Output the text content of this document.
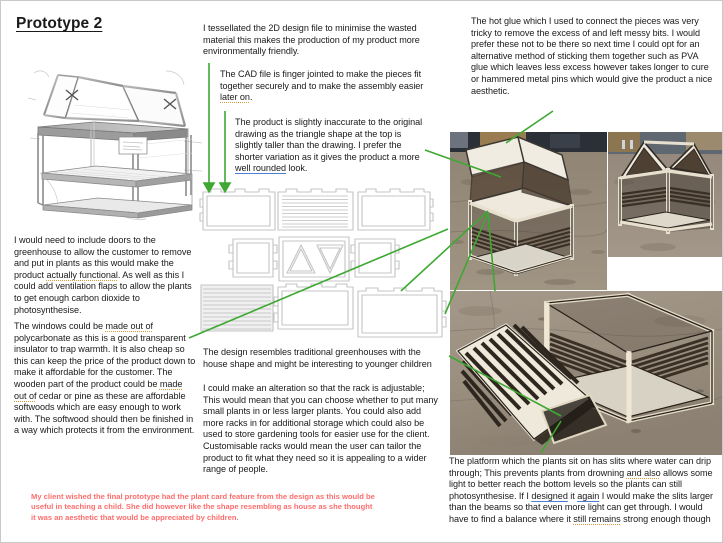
Prototype 2

I would need to include doors to the greenhouse to allow the customer to remove and put in plants as this would make the product actually functional. As well as this I could add ventilation flaps to allow the plants to get enough carbon dioxide to photosynthesise.

The windows could be made out of polycarbonate as this is a good transparent insulator to trap warmth. It is also cheap so this can keep the price of the product down to make it affordable for the customer. The wooden part of the product could be made out of cedar or pine as these are affordable softwoods which are easy enough to work with. The softwood should then be finished in a way which protects it from the environment.

I tessellated the 2D design file to minimise the wasted material this makes the production of my product more environmentally friendly.

The CAD file is finger jointed to make the pieces fit together securely and to make the assembly easier later on.

The product is slightly inaccurate to the original drawing as the triangle shape at the top is slightly taller than the drawing. I prefer the shorter variation as it gives the product a more well rounded look.

The hot glue which I used to connect the pieces was very tricky to remove the excess of and left messy bits. I would prefer these not to be there so next time I could opt for an alternative method of sticking them together such as PVA glue which leaves less excess however takes longer to cure or hammered metal pins which would give the product a nice aesthetic.
The design resembles traditional greenhouses with the house shape and might be interesting to younger children
I could make an alteration so that the rack is adjustable; This would mean that you can choose whether to put many small plants in or less larger plants. You could also add more racks in for additional storage which could also be used to store gardening tools for easier use for the client. Customisable racks would mean the user can tailor the product to fit what they need so it is appealing to a wider range of people.

The platform which the plants sit on has slits where water can drip through; This prevents plants from drowning and also allows some light to better reach the bottom levels so the plants can still photosynthesise. If I designed it again I would make the slits larger than the beams so that even more light can get through. I would have to find a balance where it still remains strong enough though

My client wished the final prototype had the plant card feature from the design as this would be useful in teaching a child. She did however like the shape resembling as house as she thought it was an aesthetic that would be appreciated by children.
